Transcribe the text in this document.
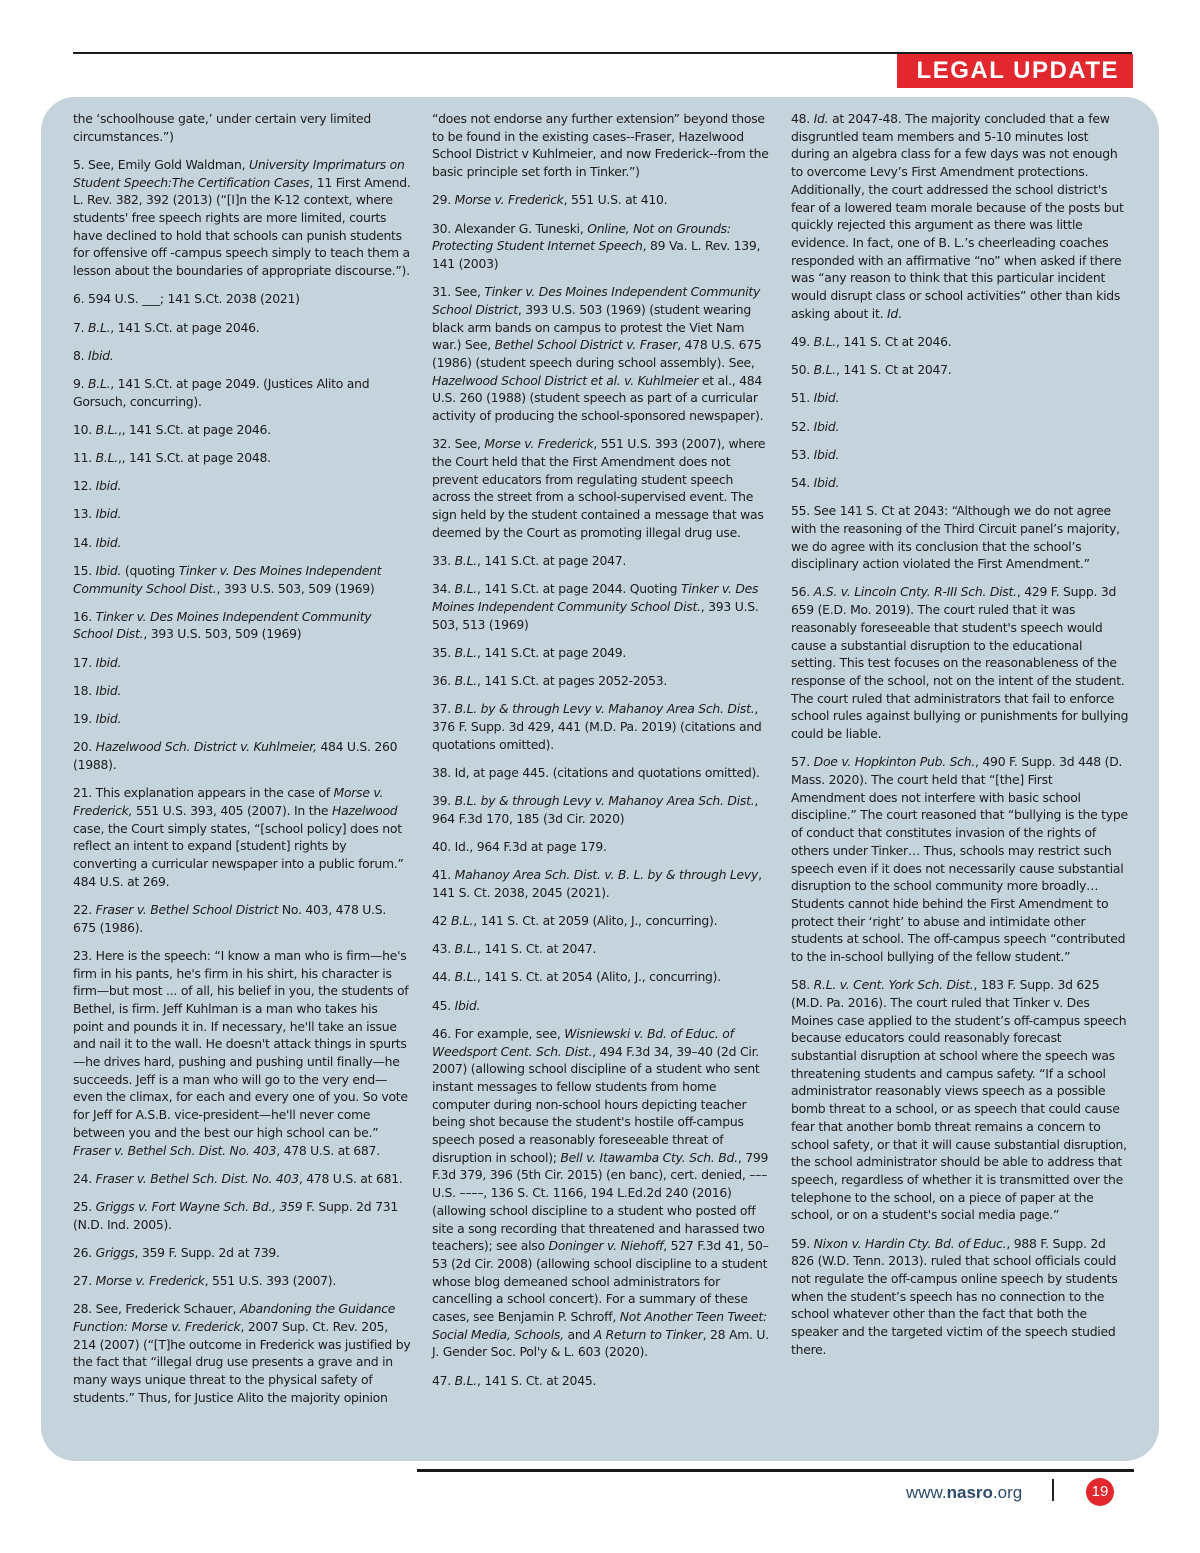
LEGAL UPDATE

the ‘schoolhouse gate,’ under certain very limited circumstances.”)

5. See, Emily Gold Waldman, University Imprimaturs on Student Speech:The Certification Cases, 11 First Amend. L. Rev. 382, 392 (2013) (“[I]n the K-12 context, where students' free speech rights are more limited, courts have declined to hold that schools can punish students for offensive off -campus speech simply to teach them a lesson about the boundaries of appropriate discourse.”).

6. 594 U.S. ___; 141 S.Ct. 2038 (2021)

7. B.L., 141 S.Ct. at page 2046.

8. Ibid.

9. B.L., 141 S.Ct. at page 2049. (Justices Alito and Gorsuch, concurring).

10. B.L.,, 141 S.Ct. at page 2046.

11. B.L.,, 141 S.Ct. at page 2048.

12. Ibid.

13. Ibid.

14. Ibid.

15. Ibid. (quoting Tinker v. Des Moines Independent Community School Dist., 393 U.S. 503, 509 (1969)

16. Tinker v. Des Moines Independent Community School Dist., 393 U.S. 503, 509 (1969)

17. Ibid.

18. Ibid.

19. Ibid.

20. Hazelwood Sch. District v. Kuhlmeier, 484 U.S. 260 (1988).

21. This explanation appears in the case of Morse v. Frederick, 551 U.S. 393, 405 (2007). In the Hazelwood case, the Court simply states, “[school policy] does not reflect an intent to expand [student] rights by converting a curricular newspaper into a public forum.” 484 U.S. at 269.

22. Fraser v. Bethel School District No. 403, 478 U.S. 675 (1986).

23. Here is the speech: “I know a man who is firm—he's firm in his pants, he's firm in his shirt, his character is firm—but most ... of all, his belief in you, the students of Bethel, is firm. Jeff Kuhlman is a man who takes his point and pounds it in. If necessary, he'll take an issue and nail it to the wall. He doesn't attack things in spurts—he drives hard, pushing and pushing until finally—he succeeds. Jeff is a man who will go to the very end—even the climax, for each and every one of you. So vote for Jeff for A.S.B. vice-president—he'll never come between you and the best our high school can be.” Fraser v. Bethel Sch. Dist. No. 403, 478 U.S. at 687.

24. Fraser v. Bethel Sch. Dist. No. 403, 478 U.S. at 681.

25. Griggs v. Fort Wayne Sch. Bd., 359 F. Supp. 2d 731 (N.D. Ind. 2005).

26. Griggs, 359 F. Supp. 2d at 739.

27. Morse v. Frederick, 551 U.S. 393 (2007).

28. See, Frederick Schauer, Abandoning the Guidance Function: Morse v. Frederick, 2007 Sup. Ct. Rev. 205, 214 (2007) (“[T]he outcome in Frederick was justified by the fact that “illegal drug use presents a grave and in many ways unique threat to the physical safety of students.” Thus, for Justice Alito the majority opinion

“does not endorse any further extension” beyond those to be found in the existing cases--Fraser, Hazelwood School District v Kuhlmeier, and now Frederick--from the basic principle set forth in Tinker.”)

29. Morse v. Frederick, 551 U.S. at 410.

30. Alexander G. Tuneski, Online, Not on Grounds: Protecting Student Internet Speech, 89 Va. L. Rev. 139, 141 (2003)

31. See, Tinker v. Des Moines Independent Community School District, 393 U.S. 503 (1969) (student wearing black arm bands on campus to protest the Viet Nam war.) See, Bethel School District v. Fraser, 478 U.S. 675 (1986) (student speech during school assembly). See, Hazelwood School District et al. v. Kuhlmeier et al., 484 U.S. 260 (1988) (student speech as part of a curricular activity of producing the school-sponsored newspaper).

32. See, Morse v. Frederick, 551 U.S. 393 (2007), where the Court held that the First Amendment does not prevent educators from regulating student speech across the street from a school-supervised event. The sign held by the student contained a message that was deemed by the Court as promoting illegal drug use.

33. B.L., 141 S.Ct. at page 2047.

34. B.L., 141 S.Ct. at page 2044. Quoting Tinker v. Des Moines Independent Community School Dist., 393 U.S. 503, 513 (1969)

35. B.L., 141 S.Ct. at page 2049.

36. B.L., 141 S.Ct. at pages 2052-2053.

37. B.L. by & through Levy v. Mahanoy Area Sch. Dist., 376 F. Supp. 3d 429, 441 (M.D. Pa. 2019) (citations and quotations omitted).

38. Id, at page 445. (citations and quotations omitted).

39. B.L. by & through Levy v. Mahanoy Area Sch. Dist., 964 F.3d 170, 185 (3d Cir. 2020)

40. Id., 964 F.3d at page 179.

41. Mahanoy Area Sch. Dist. v. B. L. by & through Levy, 141 S. Ct. 2038, 2045 (2021).

42 B.L., 141 S. Ct. at 2059 (Alito, J., concurring).

43. B.L., 141 S. Ct. at 2047.

44. B.L., 141 S. Ct. at 2054 (Alito, J., concurring).

45. Ibid.

46. For example, see, Wisniewski v. Bd. of Educ. of Weedsport Cent. Sch. Dist., 494 F.3d 34, 39–40 (2d Cir. 2007) (allowing school discipline of a student who sent instant messages to fellow students from home computer during non-school hours depicting teacher being shot because the student's hostile off-campus speech posed a reasonably foreseeable threat of disruption in school); Bell v. Itawamba Cty. Sch. Bd., 799 F.3d 379, 396 (5th Cir. 2015) (en banc), cert. denied, ––– U.S. ––––, 136 S. Ct. 1166, 194 L.Ed.2d 240 (2016) (allowing school discipline to a student who posted off site a song recording that threatened and harassed two teachers); see also Doninger v. Niehoff, 527 F.3d 41, 50–53 (2d Cir. 2008) (allowing school discipline to a student whose blog demeaned school administrators for cancelling a school concert). For a summary of these cases, see Benjamin P. Schroff, Not Another Teen Tweet: Social Media, Schools, and A Return to Tinker, 28 Am. U. J. Gender Soc. Pol'y & L. 603 (2020).

47. B.L., 141 S. Ct. at 2045.

48. Id. at 2047-48. The majority concluded that a few disgruntled team members and 5-10 minutes lost during an algebra class for a few days was not enough to overcome Levy’s First Amendment protections. Additionally, the court addressed the school district's fear of a lowered team morale because of the posts but quickly rejected this argument as there was little evidence. In fact, one of B. L.’s cheerleading coaches responded with an affirmative “no” when asked if there was “any reason to think that this particular incident would disrupt class or school activities” other than kids asking about it. Id.

49. B.L., 141 S. Ct at 2046.

50. B.L., 141 S. Ct at 2047.

51. Ibid.

52. Ibid.

53. Ibid.

54. Ibid.

55. See 141 S. Ct at 2043: “Although we do not agree with the reasoning of the Third Circuit panel’s majority, we do agree with its conclusion that the school’s disciplinary action violated the First Amendment.”

56. A.S. v. Lincoln Cnty. R-III Sch. Dist., 429 F. Supp. 3d 659 (E.D. Mo. 2019). The court ruled that it was reasonably foreseeable that student's speech would cause a substantial disruption to the educational setting. This test focuses on the reasonableness of the response of the school, not on the intent of the student. The court ruled that administrators that fail to enforce school rules against bullying or punishments for bullying could be liable.

57. Doe v. Hopkinton Pub. Sch., 490 F. Supp. 3d 448 (D. Mass. 2020). The court held that “[the] First Amendment does not interfere with basic school discipline.” The court reasoned that “bullying is the type of conduct that constitutes invasion of the rights of others under Tinker… Thus, schools may restrict such speech even if it does not necessarily cause substantial disruption to the school community more broadly… Students cannot hide behind the First Amendment to protect their ‘right’ to abuse and intimidate other students at school. The off-campus speech “contributed to the in-school bullying of the fellow student.”

58. R.L. v. Cent. York Sch. Dist., 183 F. Supp. 3d 625 (M.D. Pa. 2016). The court ruled that Tinker v. Des Moines case applied to the student’s off-campus speech because educators could reasonably forecast substantial disruption at school where the speech was threatening students and campus safety. “If a school administrator reasonably views speech as a possible bomb threat to a school, or as speech that could cause fear that another bomb threat remains a concern to school safety, or that it will cause substantial disruption, the school administrator should be able to address that speech, regardless of whether it is transmitted over the telephone to the school, on a piece of paper at the school, or on a student's social media page.”

59. Nixon v. Hardin Cty. Bd. of Educ., 988 F. Supp. 2d 826 (W.D. Tenn. 2013). ruled that school officials could not regulate the off-campus online speech by students when the student’s speech has no connection to the school whatever other than the fact that both the speaker and the targeted victim of the speech studied there.

www.nasro.org	19
